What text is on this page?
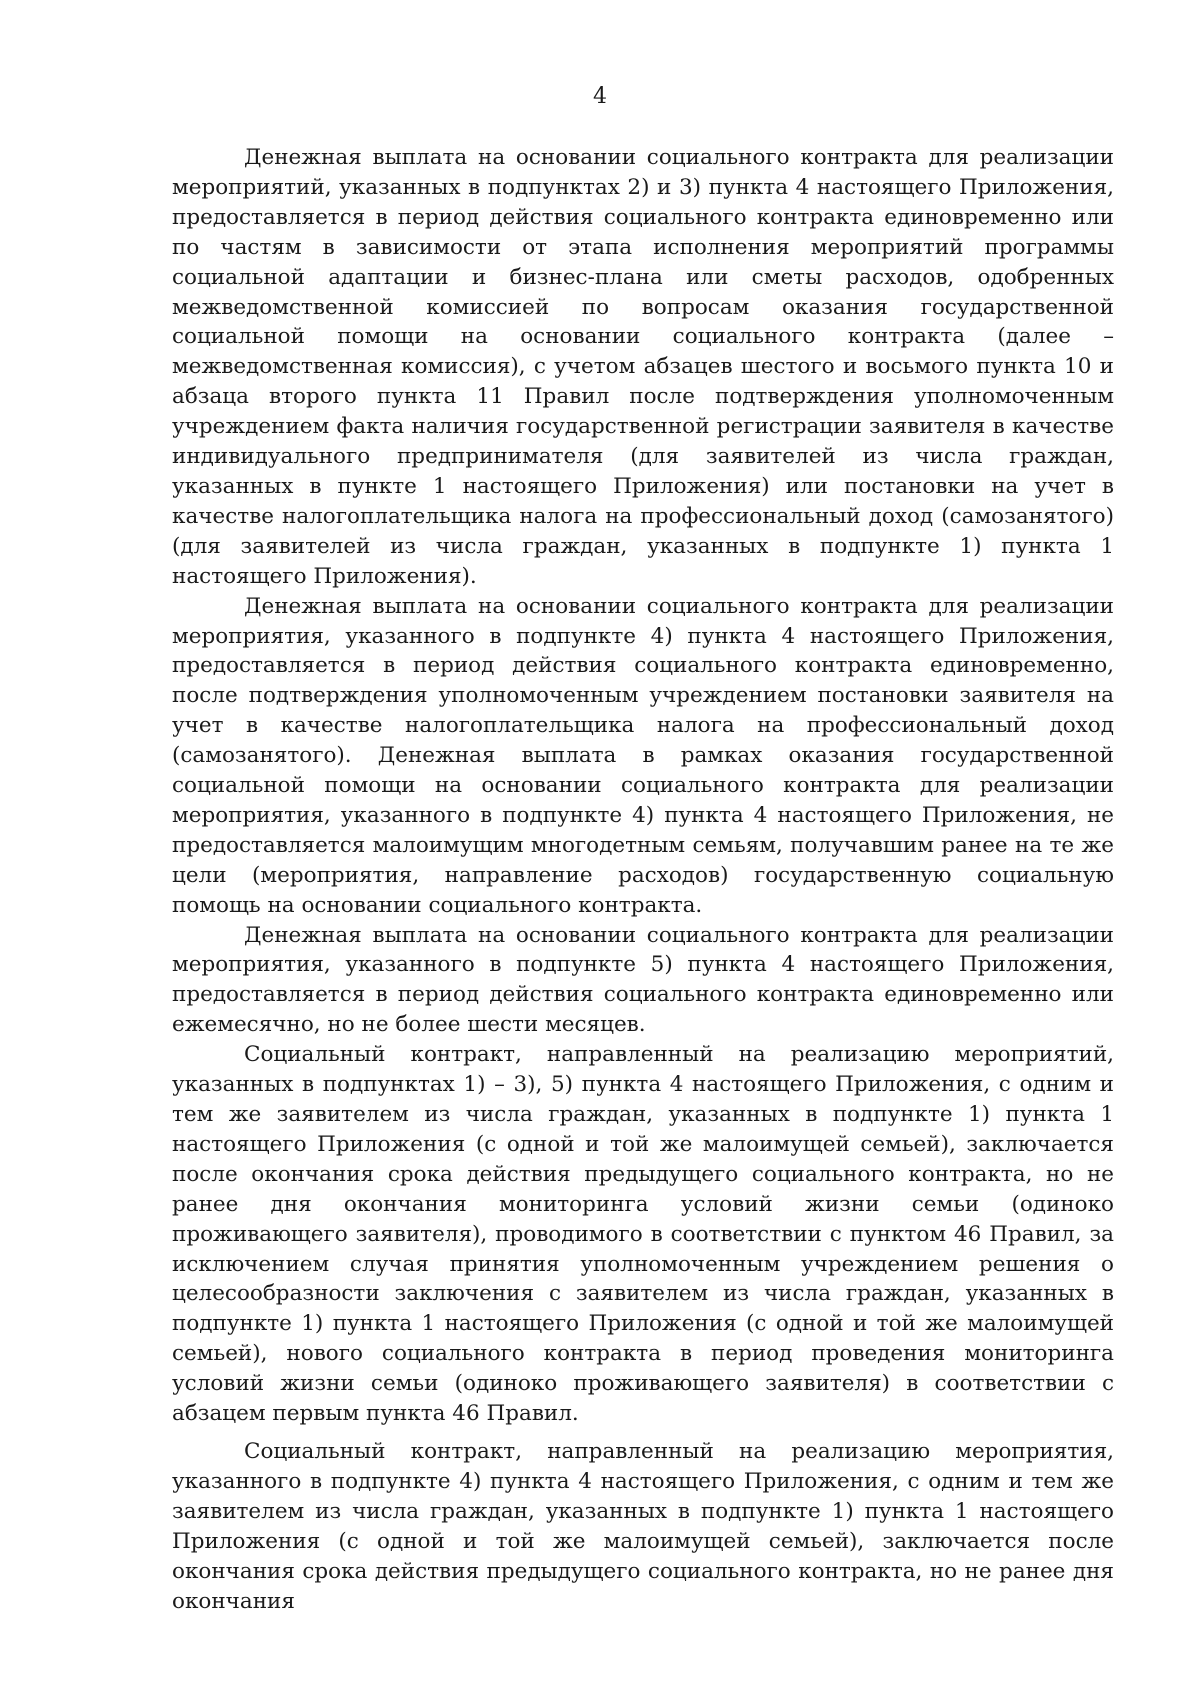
4

Денежная выплата на основании социального контракта для реализации мероприятий, указанных в подпунктах 2) и 3) пункта 4 настоящего Приложения, предоставляется в период действия социального контракта единовременно или по частям в зависимости от этапа исполнения мероприятий программы социальной адаптации и бизнес-плана или сметы расходов, одобренных межведомственной комиссией по вопросам оказания государственной социальной помощи на основании социального контракта (далее – межведомственная комиссия), с учетом абзацев шестого и восьмого пункта 10 и абзаца второго пункта 11 Правил после подтверждения уполномоченным учреждением факта наличия государственной регистрации заявителя в качестве индивидуального предпринимателя (для заявителей из числа граждан, указанных в пункте 1 настоящего Приложения) или постановки на учет в качестве налогоплательщика налога на профессиональный доход (самозанятого) (для заявителей из числа граждан, указанных в подпункте 1) пункта 1 настоящего Приложения).

Денежная выплата на основании социального контракта для реализации мероприятия, указанного в подпункте 4) пункта 4 настоящего Приложения, предоставляется в период действия социального контракта единовременно, после подтверждения уполномоченным учреждением постановки заявителя на учет в качестве налогоплательщика налога на профессиональный доход (самозанятого). Денежная выплата в рамках оказания государственной социальной помощи на основании социального контракта для реализации мероприятия, указанного в подпункте 4) пункта 4 настоящего Приложения, не предоставляется малоимущим многодетным семьям, получавшим ранее на те же цели (мероприятия, направление расходов) государственную социальную помощь на основании социального контракта.

Денежная выплата на основании социального контракта для реализации мероприятия, указанного в подпункте 5) пункта 4 настоящего Приложения, предоставляется в период действия социального контракта единовременно или ежемесячно, но не более шести месяцев.

Социальный контракт, направленный на реализацию мероприятий, указанных в подпунктах 1) – 3), 5) пункта 4 настоящего Приложения, с одним и тем же заявителем из числа граждан, указанных в подпункте 1) пункта 1 настоящего Приложения (с одной и той же малоимущей семьей), заключается после окончания срока действия предыдущего социального контракта, но не ранее дня окончания мониторинга условий жизни семьи (одиноко проживающего заявителя), проводимого в соответствии с пунктом 46 Правил, за исключением случая принятия уполномоченным учреждением решения о целесообразности заключения с заявителем из числа граждан, указанных в подпункте 1) пункта 1 настоящего Приложения (с одной и той же малоимущей семьей), нового социального контракта в период проведения мониторинга условий жизни семьи (одиноко проживающего заявителя) в соответствии с абзацем первым пункта 46 Правил.

Социальный контракт, направленный на реализацию мероприятия, указанного в подпункте 4) пункта 4 настоящего Приложения, с одним и тем же заявителем из числа граждан, указанных в подпункте 1) пункта 1 настоящего Приложения (с одной и той же малоимущей семьей), заключается после окончания срока действия предыдущего социального контракта, но не ранее дня окончания
